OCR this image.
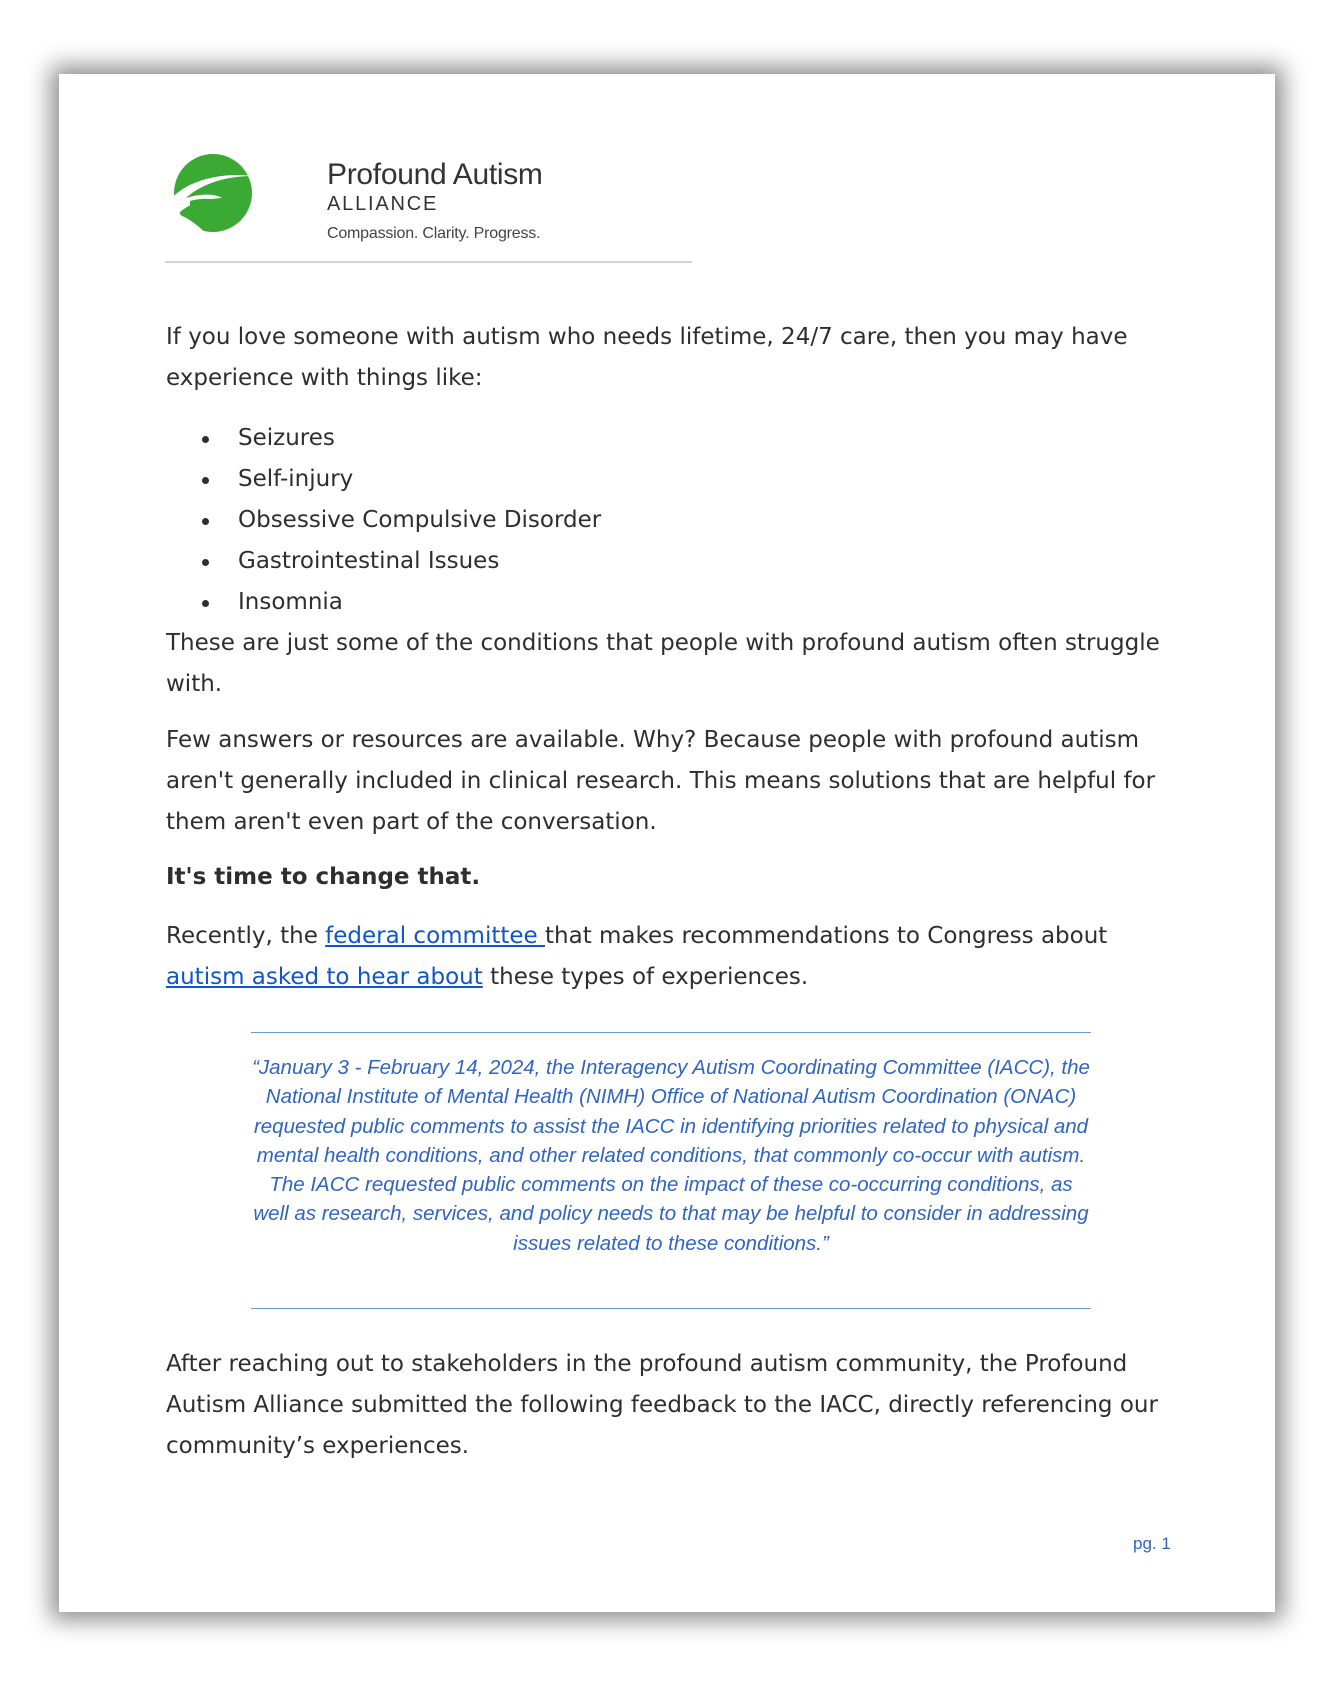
Profound Autism
ALLIANCE
Compassion. Clarity. Progress.
If you love someone with autism who needs lifetime, 24/7 care, then you may have experience with things like:
Seizures
Self-injury
Obsessive Compulsive Disorder
Gastrointestinal Issues
Insomnia
These are just some of the conditions that people with profound autism often struggle with.
Few answers or resources are available. Why? Because people with profound autism aren't generally included in clinical research. This means solutions that are helpful for them aren't even part of the conversation.
It's time to change that.
Recently, the federal committee that makes recommendations to Congress about autism asked to hear about these types of experiences.
“January 3 - February 14, 2024, the Interagency Autism Coordinating Committee (IACC), the National Institute of Mental Health (NIMH) Office of National Autism Coordination (ONAC) requested public comments to assist the IACC in identifying priorities related to physical and mental health conditions, and other related conditions, that commonly co-occur with autism. The IACC requested public comments on the impact of these co-occurring conditions, as well as research, services, and policy needs to that may be helpful to consider in addressing issues related to these conditions.”
After reaching out to stakeholders in the profound autism community, the Profound Autism Alliance submitted the following feedback to the IACC, directly referencing our community’s experiences.
pg. 1
